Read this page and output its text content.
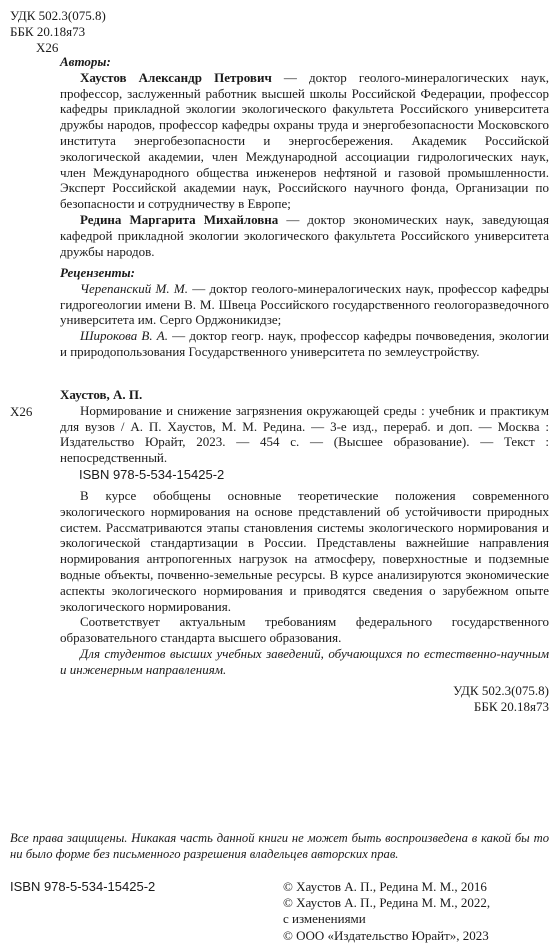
УДК 502.3(075.8)
ББК 20.18я73
Х26

Авторы:

Хаустов Александр Петрович — доктор геолого-минералогических наук, профессор, заслуженный работник высшей школы Российской Федерации, профессор кафедры прикладной экологии экологического факультета Российского университета дружбы народов, профессор кафедры охраны труда и энергобезопасности Московского института энергобезопасности и энергосбережения. Академик Российской экологической академии, член Международной ассоциации гидрологических наук, член Международного общества инженеров нефтяной и газовой промышленности. Эксперт Российской академии наук, Российского научного фонда, Организации по безопасности и сотрудничеству в Европе;

Редина Маргарита Михайловна — доктор экономических наук, заведующая кафедрой прикладной экологии экологического факультета Российского университета дружбы народов.

Рецензенты:

Черепанский М. М. — доктор геолого-минералогических наук, профессор кафедры гидрогеологии имени В. М. Швеца Российского государственного геологоразведочного университета им. Серго Орджоникидзе;

Широкова В. А. — доктор геогр. наук, профессор кафедры почвоведения, экологии и природопользования Государственного университета по землеустройству.

Х26

Хаустов, А. П.

Нормирование и снижение загрязнения окружающей среды : учебник и практикум для вузов / А. П. Хаустов, М. М. Редина. — 3-е изд., перераб. и доп. — Москва : Издательство Юрайт, 2023. — 454 с. — (Высшее образование). — Текст : непосредственный.

ISBN 978-5-534-15425-2

В курсе обобщены основные теоретические положения современного экологического нормирования на основе представлений об устойчивости природных систем. Рассматриваются этапы становления системы экологического нормирования и экологической стандартизации в России. Представлены важнейшие направления нормирования антропогенных нагрузок на атмосферу, поверхностные и подземные водные объекты, почвенно-земельные ресурсы. В курсе анализируются экономические аспекты экологического нормирования и приводятся сведения о зарубежном опыте экологического нормирования.

Соответствует актуальным требованиям федерального государственного образовательного стандарта высшего образования.

Для студентов высших учебных заведений, обучающихся по естественно-научным и инженерным направлениям.

УДК 502.3(075.8)
ББК 20.18я73
Все права защищены. Никакая часть данной книги не может быть воспроизведена в какой бы то ни было форме без письменного разрешения владельцев авторских прав.
ISBN 978-5-534-15425-2	© Хаустов А. П., Редина М. М., 2016
© Хаустов А. П., Редина М. М., 2022,
с изменениями
© ООО «Издательство Юрайт», 2023
